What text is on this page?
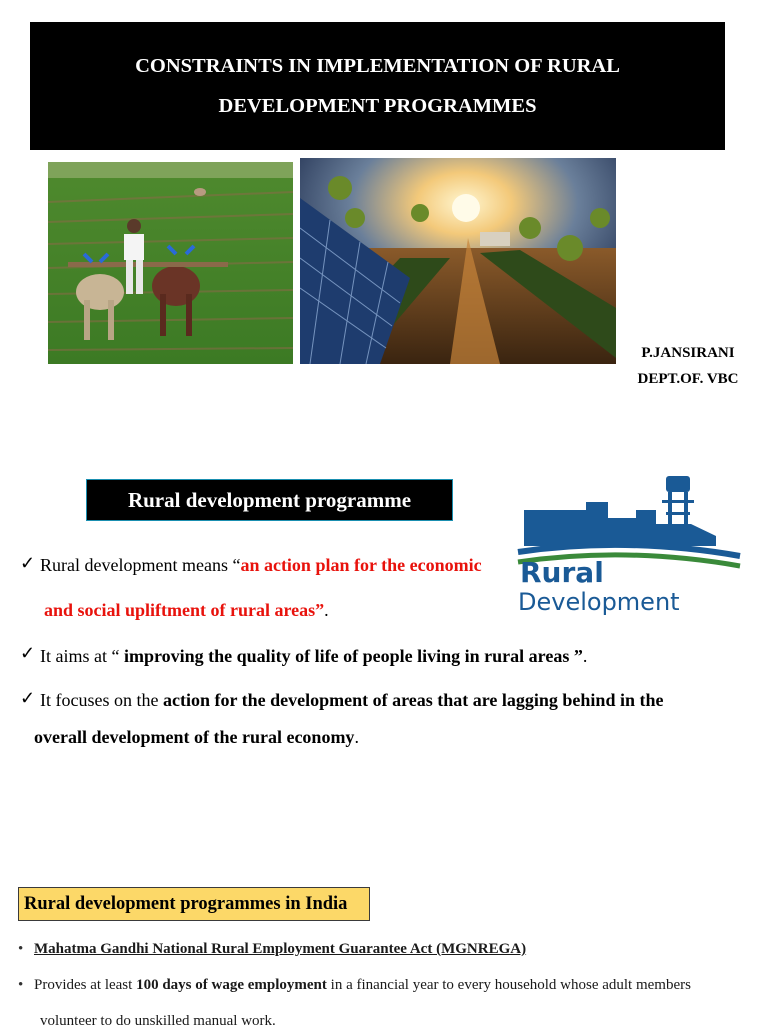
CONSTRAINTS IN IMPLEMENTATION OF RURAL
DEVELOPMENT PROGRAMMES
P.JANSIRANI
DEPT.OF. VBC
Rural development programme
Rural
Development
✓ Rural development means “an action plan for the economic
and social upliftment of rural areas”.
✓ It aims at “ improving the quality of life of people living in rural areas ”.
✓ It focuses on the action for the development of areas that are lagging behind in the
overall development of the rural economy.
Rural development programmes in India
• Mahatma Gandhi National Rural Employment Guarantee Act (MGNREGA)
• Provides at least 100 days of wage employment in a financial year to every household whose adult members
volunteer to do unskilled manual work.
